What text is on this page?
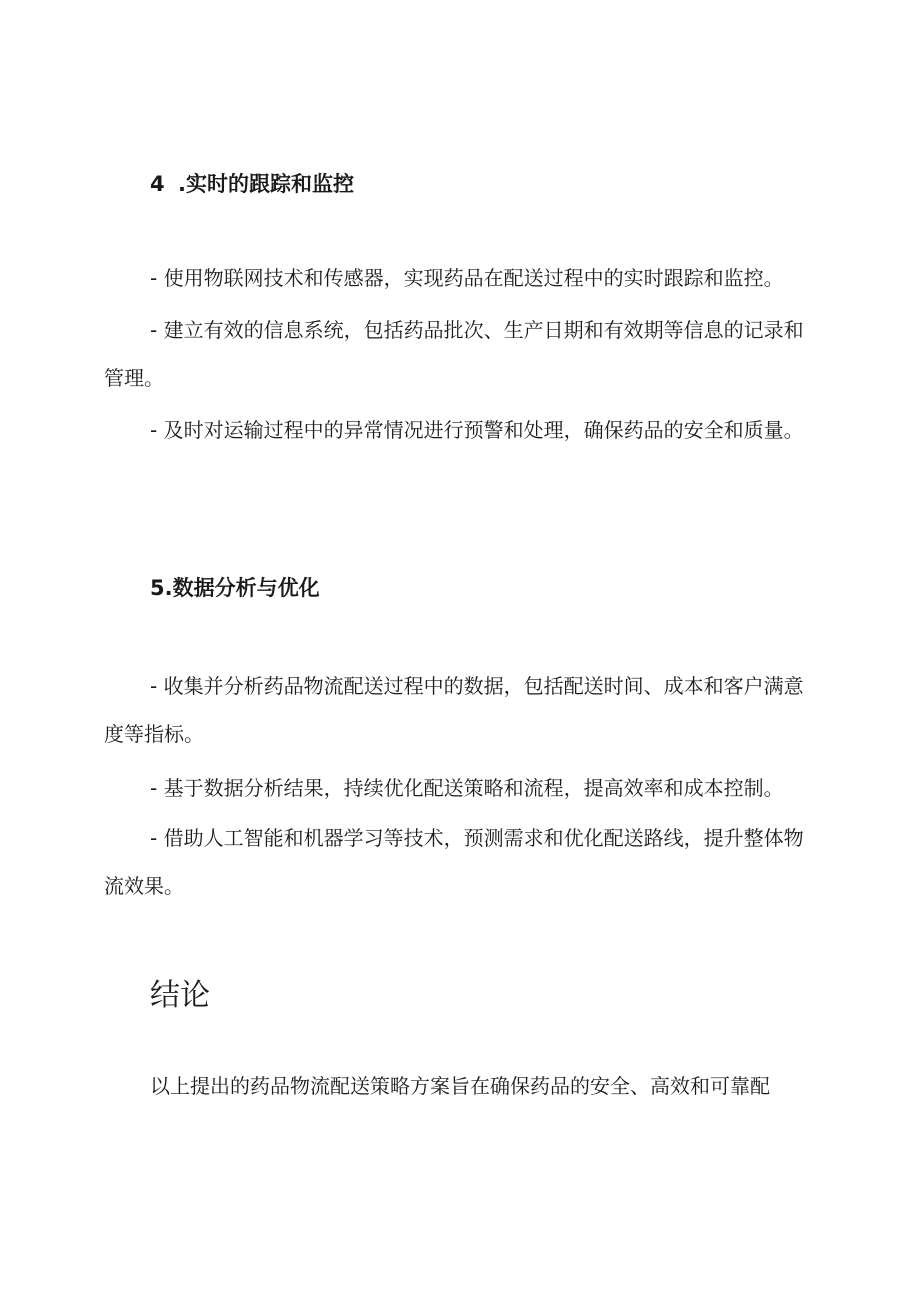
4 .实时的跟踪和监控
- 使用物联网技术和传感器，实现药品在配送过程中的实时跟踪和监控。
- 建立有效的信息系统，包括药品批次、生产日期和有效期等信息的记录和管理。
- 及时对运输过程中的异常情况进行预警和处理，确保药品的安全和质量。
5.数据分析与优化
- 收集并分析药品物流配送过程中的数据，包括配送时间、成本和客户满意度等指标。
- 基于数据分析结果，持续优化配送策略和流程，提高效率和成本控制。
- 借助人工智能和机器学习等技术，预测需求和优化配送路线，提升整体物流效果。
结论
以上提出的药品物流配送策略方案旨在确保药品的安全、高效和可靠配
